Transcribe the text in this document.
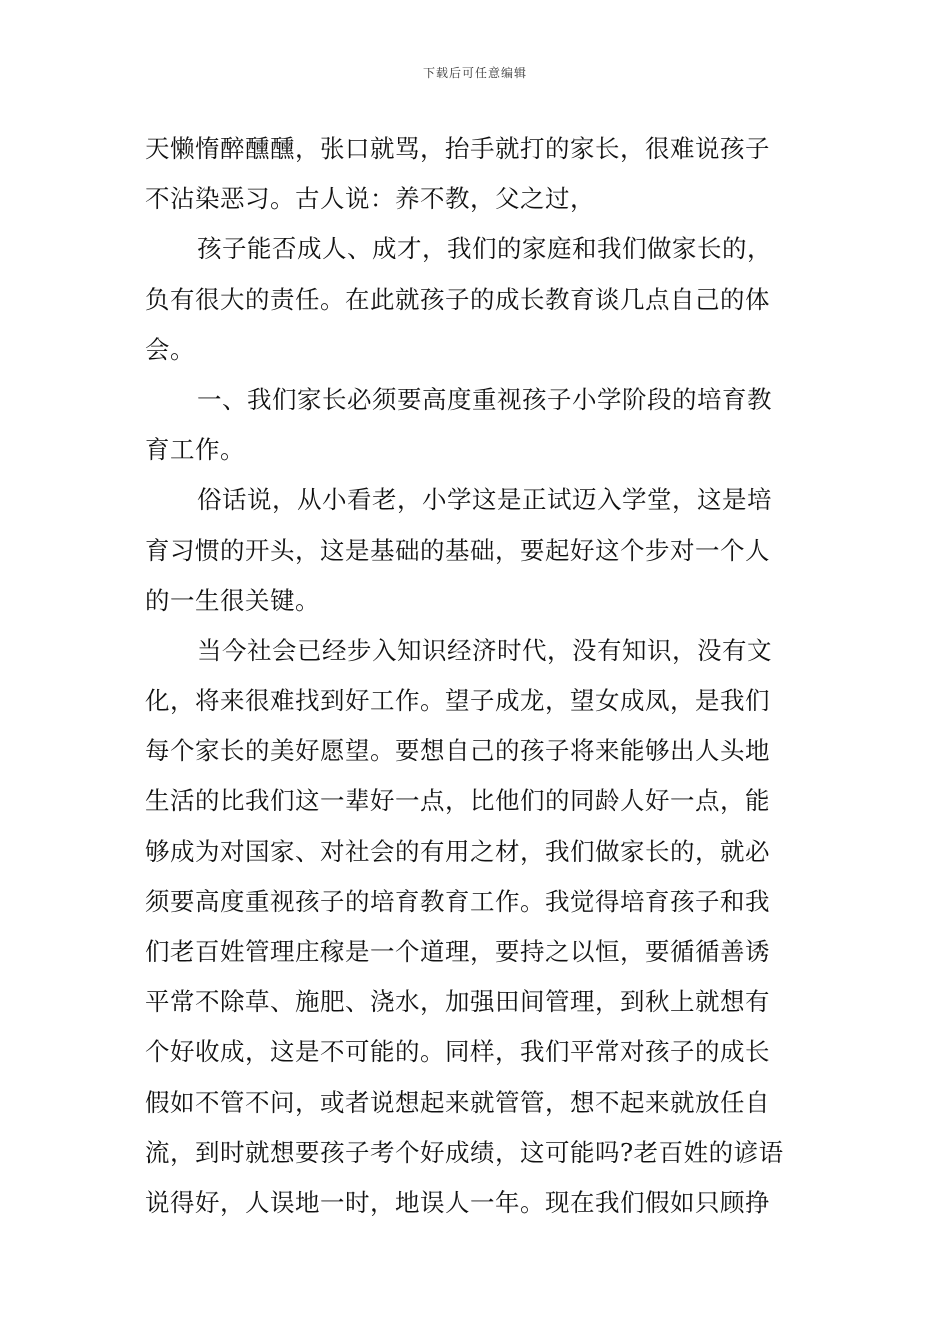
下载后可任意编辑
天懒惰醉醺醺，张口就骂，抬手就打的家长，很难说孩子
不沾染恶习。古人说：养不教，父之过，
孩子能否成人、成才，我们的家庭和我们做家长的，
负有很大的责任。在此就孩子的成长教育谈几点自己的体
会。
一、我们家长必须要高度重视孩子小学阶段的培育教
育工作。
俗话说，从小看老，小学这是正试迈入学堂，这是培
育习惯的开头，这是基础的基础，要起好这个步对一个人
的一生很关键。
当今社会已经步入知识经济时代，没有知识，没有文
化，将来很难找到好工作。望子成龙，望女成凤，是我们
每个家长的美好愿望。要想自己的孩子将来能够出人头地
生活的比我们这一辈好一点，比他们的同龄人好一点，能
够成为对国家、对社会的有用之材，我们做家长的，就必
须要高度重视孩子的培育教育工作。我觉得培育孩子和我
们老百姓管理庄稼是一个道理，要持之以恒，要循循善诱
平常不除草、施肥、浇水，加强田间管理，到秋上就想有
个好收成，这是不可能的。同样，我们平常对孩子的成长
假如不管不问，或者说想起来就管管，想不起来就放任自
流，到时就想要孩子考个好成绩，这可能吗?老百姓的谚语
说得好，人误地一时，地误人一年。现在我们假如只顾挣
